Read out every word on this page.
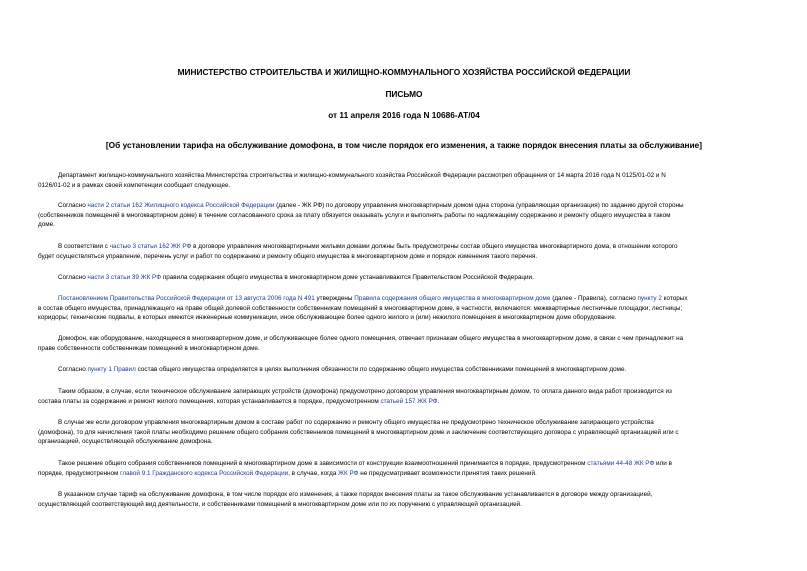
МИНИСТЕРСТВО СТРОИТЕЛЬСТВА И ЖИЛИЩНО-КОММУНАЛЬНОГО ХОЗЯЙСТВА РОССИЙСКОЙ ФЕДЕРАЦИИ
ПИСЬМО
от 11 апреля 2016 года N 10686-АТ/04
[Об установлении тарифа на обслуживание домофона, в том числе порядок его изменения, а также порядок внесения платы за обслуживание]
Департамент жилищно-коммунального хозяйства Министерства строительства и жилищно-коммунального хозяйства Российской Федерации рассмотрел обращения от 14 марта 2016 года N 0125/01-02 и N
0126/01-02 и в рамках своей компетенции сообщает следующее.
Согласно части 2 статьи 162 Жилищного кодекса Российской Федерации (далее - ЖК РФ) по договору управления многоквартирным домом одна сторона (управляющая организация) по заданию другой стороны
(собственников помещений в многоквартирном доме) в течение согласованного срока за плату обязуется оказывать услуги и выполнять работы по надлежащему содержанию и ремонту общего имущества в таком
доме.
В соответствии с частью 3 статьи 162 ЖК РФ в договоре управления многоквартирными жилыми домами должны быть предусмотрены состав общего имущества многоквартирного дома, в отношении которого
будет осуществляться управление, перечень услуг и работ по содержанию и ремонту общего имущества в многоквартирном доме и порядок изменения такого перечня.
Согласно части 3 статьи 39 ЖК РФ правила содержания общего имущества в многоквартирном доме устанавливаются Правительством Российской Федерации.
Постановлением Правительства Российской Федерации от 13 августа 2006 года N 491 утверждены Правила содержания общего имущества в многоквартирном доме (далее - Правила), согласно пункту 2 которых
в состав общего имущества, принадлежащего на праве общей долевой собственности собственникам помещений в многоквартирном доме, в частности, включаются: межквартирные лестничные площадки; лестницы;
коридоры; технические подвалы, в которых имеются инженерные коммуникации, иное обслуживающее более одного жилого и (или) нежилого помещения в многоквартирном доме оборудование.
Домофон, как оборудование, находящееся в многоквартирном доме, и обслуживающее более одного помещения, отвечает признакам общего имущества в многоквартирном доме, в связи с чем принадлежит на
праве собственности собственникам помещений в многоквартирном доме.
Согласно пункту 1 Правил состав общего имущества определяется в целях выполнения обязанности по содержанию общего имущества собственниками помещений в многоквартирном доме.
Таким образом, в случае, если техническое обслуживание запирающих устройств (домофона) предусмотрено договором управления многоквартирным домом, то оплата данного вида работ производится из
состава платы за содержание и ремонт жилого помещения, которая устанавливается в порядке, предусмотренном статьей 157 ЖК РФ.
В случае же если договором управления многоквартирным домом в составе работ по содержанию и ремонту общего имущества не предусмотрено техническое обслуживание запирающего устройства
(домофона), то для начисления такой платы необходимо решение общего собрания собственников помещений в многоквартирном доме и заключение соответствующего договора с управляющей организацией или с
организацией, осуществляющей обслуживание домофона.
Такое решение общего собрания собственников помещений в многоквартирном доме в зависимости от конструкции взаимоотношений принимается в порядке, предусмотренном статьями 44-48 ЖК РФ или в
порядке, предусмотренном главой 9.1 Гражданского кодекса Российской Федерации, в случае, когда ЖК РФ не предусматривает возможности принятия таких решений.
В указанном случае тариф на обслуживание домофона, в том числе порядок его изменения, а также порядок внесения платы за такое обслуживание устанавливается в договоре между организацией,
осуществляющей соответствующий вид деятельности, и собственниками помещений в многоквартирном доме или по их поручению с управляющей организацией.
